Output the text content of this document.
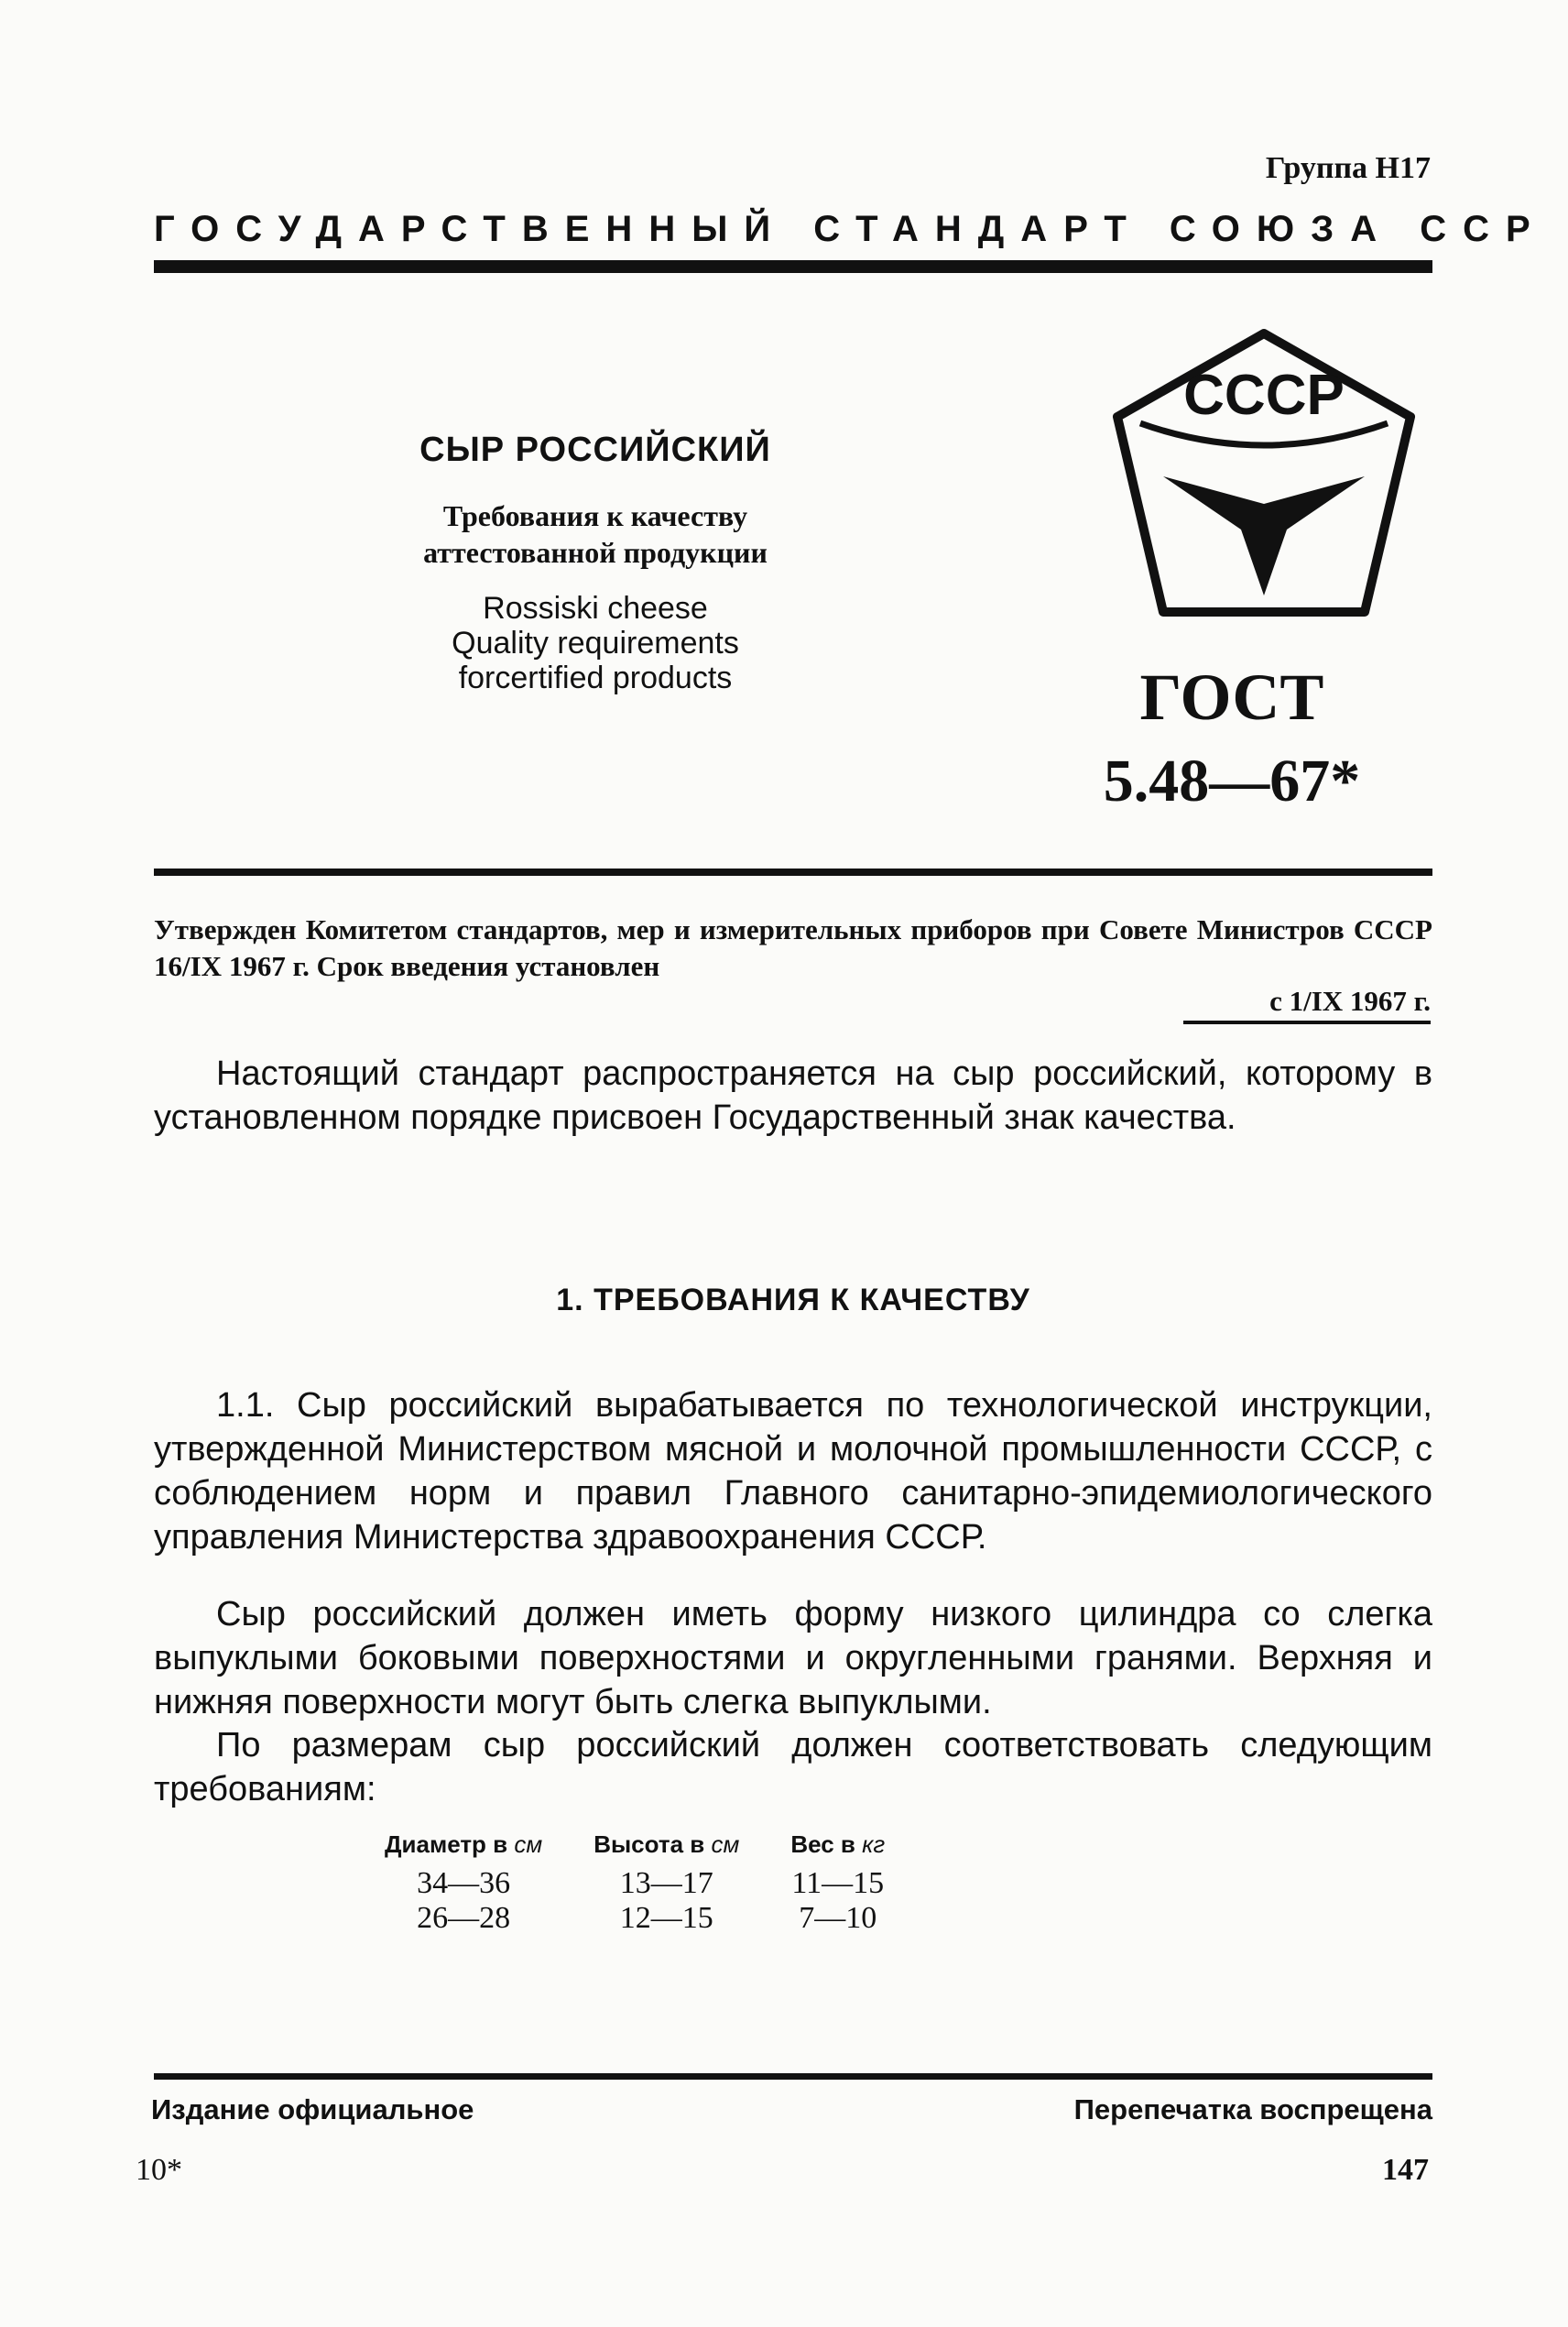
Группа Н17
ГОСУДАРСТВЕННЫЙ СТАНДАРТ СОЮЗА ССР
СЫР РОССИЙСКИЙ
Требования к качеству
аттестованной продукции
Rossiski cheese
Quality requirements
forcertified products
СССР
ГОСТ
5.48—67*
Утвержден Комитетом стандартов, мер и измерительных приборов при Совете Министров СССР 16/IX 1967 г. Срок введения установлен
с 1/IX 1967 г.
Настоящий стандарт распространяется на сыр российский, которому в установленном порядке присвоен Государственный знак качества.
1. ТРЕБОВАНИЯ К КАЧЕСТВУ
1.1. Сыр российский вырабатывается по технологической инструкции, утвержденной Министерством мясной и молочной промышленности СССР, с соблюдением норм и правил Главного санитарно-эпидемиологического управления Министерства здравоохранения СССР.
Сыр российский должен иметь форму низкого цилиндра со слегка выпуклыми боковыми поверхностями и округленными гранями. Верхняя и нижняя поверхности могут быть слегка выпуклыми.
По размерам сыр российский должен соответствовать следующим требованиям:
Диаметр в см	Высота в см	Вес в кг
34—36	13—17	11—15
26—28	12—15	7—10
Издание официальное	Перепечатка воспрещена
10*	147
